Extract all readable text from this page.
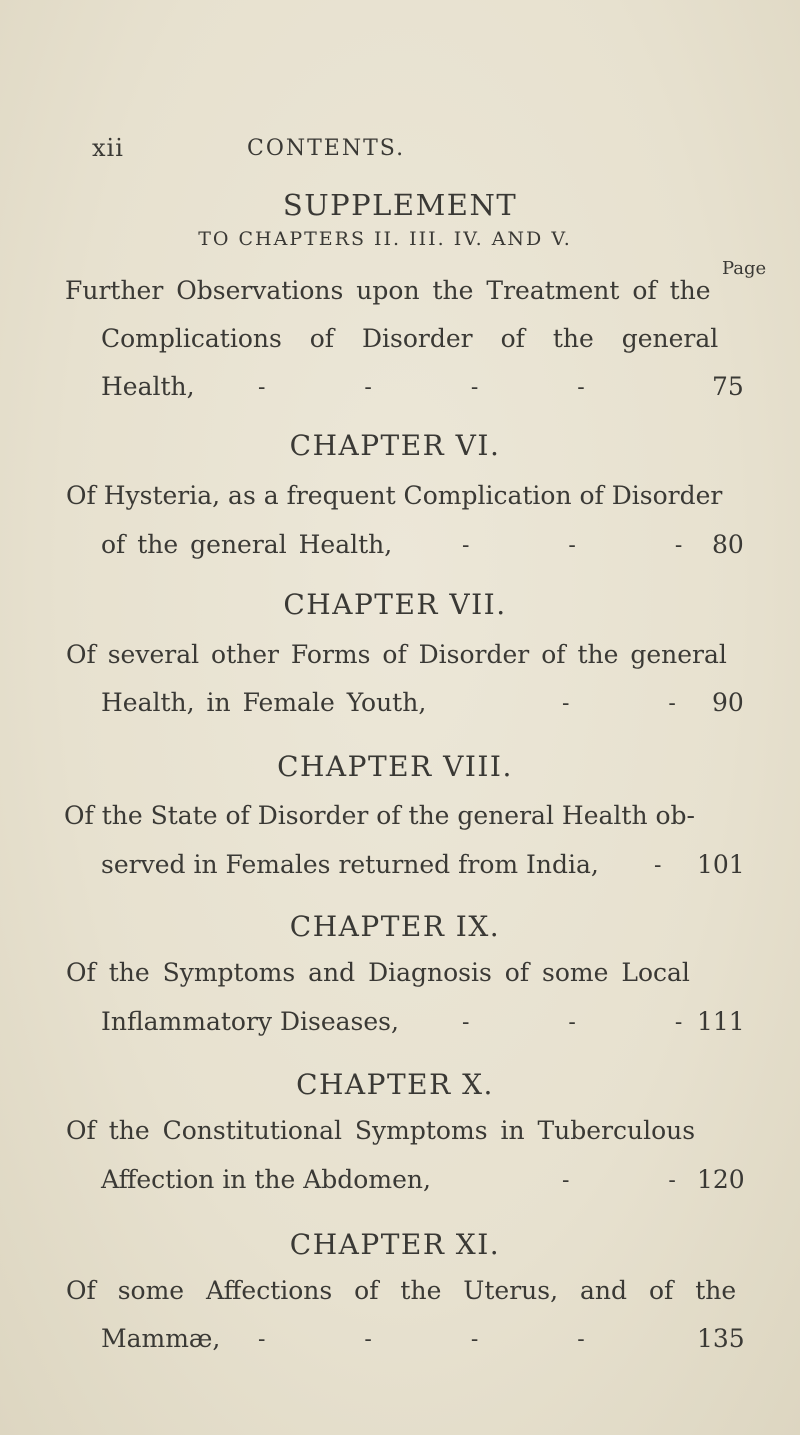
xii	CONTENTS.
SUPPLEMENT
TO CHAPTERS II. III. IV. AND V.
Page
Further Observations upon the Treatment of the
Complications of Disorder of the general
Health,	- - - -	75
CHAPTER VI.
Of Hysteria, as a frequent Complication of Disorder
of the general Health,	- - - 80
CHAPTER VII.
Of several other Forms of Disorder of the general
Health, in Female Youth,	- - 90
CHAPTER VIII.
Of the State of Disorder of the general Health ob-
served in Females returned from India,	- 101
CHAPTER IX.
Of the Symptoms and Diagnosis of some Local
Inflammatory Diseases,	- - - 111
CHAPTER X.
Of the Constitutional Symptoms in Tuberculous
Affection in the Abdomen,	- - 120
CHAPTER XI.
Of some Affections of the Uterus, and of the
Mammæ, - - - -	135
